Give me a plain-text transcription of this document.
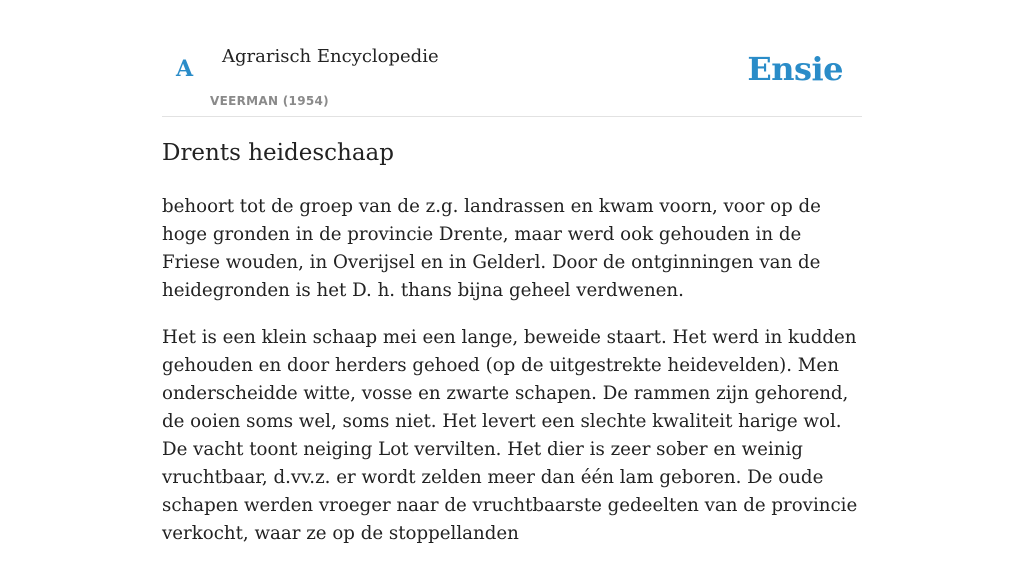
A Agrarisch Encyclopedie
VEERMAN (1954)
Ensie
Drents heideschaap

behoort tot de groep van de z.g. landrassen en kwam voorn, voor op de hoge gronden in de provincie Drente, maar werd ook gehouden in de Friese wouden, in Overijsel en in Gelderl. Door de ontginningen van de heidegronden is het D. h. thans bijna geheel verdwenen.

Het is een klein schaap mei een lange, beweide staart. Het werd in kudden gehouden en door herders gehoed (op de uitgestrekte heidevelden). Men onderscheidde witte, vosse en zwarte schapen. De rammen zijn gehorend, de ooien soms wel, soms niet. Het levert een slechte kwaliteit harige wol. De vacht toont neiging Lot vervilten. Het dier is zeer sober en weinig vruchtbaar, d.vv.z. er wordt zelden meer dan één lam geboren. De oude schapen werden vroeger naar de vruchtbaarste gedeelten van de provincie verkocht, waar ze op de stoppellanden
